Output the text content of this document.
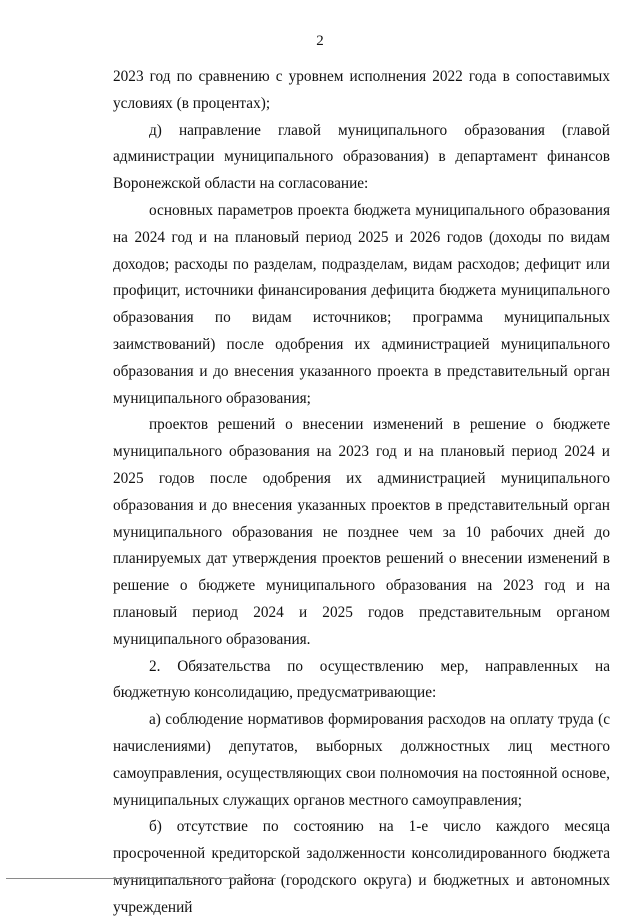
2

2023 год по сравнению с уровнем исполнения 2022 года в сопоставимых условиях (в процентах);

д) направление главой муниципального образования (главой администрации муниципального образования) в департамент финансов Воронежской области на согласование:

основных параметров проекта бюджета муниципального образования на 2024 год и на плановый период 2025 и 2026 годов (доходы по видам доходов; расходы по разделам, подразделам, видам расходов; дефицит или профицит, источники финансирования дефицита бюджета муниципального образования по видам источников; программа муниципальных заимствований) после одобрения их администрацией муниципального образования и до внесения указанного проекта в представительный орган муниципального образования;

проектов решений о внесении изменений в решение о бюджете муниципального образования на 2023 год и на плановый период 2024 и 2025 годов после одобрения их администрацией муниципального образования и до внесения указанных проектов в представительный орган муниципального образования не позднее чем за 10 рабочих дней до планируемых дат утверждения проектов решений о внесении изменений в решение о бюджете муниципального образования на 2023 год и на плановый период 2024 и 2025 годов представительным органом муниципального образования.

2. Обязательства по осуществлению мер, направленных на бюджетную консолидацию, предусматривающие:

а) соблюдение нормативов формирования расходов на оплату труда (с начислениями) депутатов, выборных должностных лиц местного самоуправления, осуществляющих свои полномочия на постоянной основе, муниципальных служащих органов местного самоуправления;

б) отсутствие по состоянию на 1-е число каждого месяца просроченной кредиторской задолженности консолидированного бюджета муниципального района (городского округа) и бюджетных и автономных учреждений
